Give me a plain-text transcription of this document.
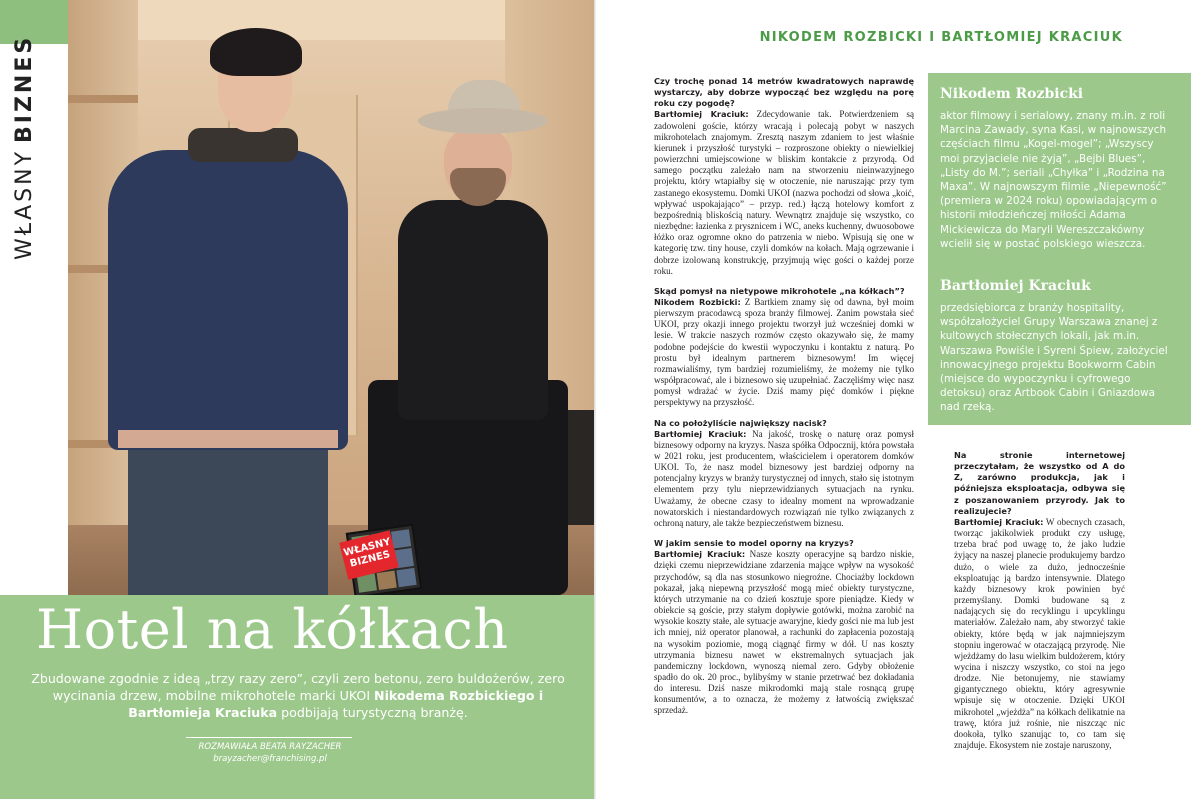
WŁASNYBIZNES
WŁASNY BIZNES
Hotel na kółkach
Zbudowane zgodnie z ideą „trzy razy zero”, czyli zero betonu, zero buldożerów, zero wycinania drzew, mobilne mikrohotele marki UKOI Nikodema Rozbickiego i Bartłomieja Kraciuka podbijają turystyczną branżę.
ROZMAWIAŁA BEATA RAYZACHER
brayzacher@franchising.pl
NIKODEM ROZBICKI I BARTŁOMIEJ KRACIUK

Czy trochę ponad 14 metrów kwadratowych naprawdę wystarczy, aby dobrze wypocząć bez względu na porę roku czy pogodę?
Bartłomiej Kraciuk: Zdecydowanie tak. Potwierdzeniem są zadowoleni goście, którzy wracają i polecają pobyt w naszych mikrohotelach znajomym. Zresztą naszym zdaniem to jest właśnie kierunek i przyszłość turystyki – rozproszone obiekty o niewielkiej powierzchni umiejscowione w bliskim kontakcie z przyrodą. Od samego początku zależało nam na stworzeniu nieinwazyjnego projektu, który wtapiałby się w otoczenie, nie naruszając przy tym zastanego ekosystemu. Domki UKOI (nazwa pochodzi od słowa „koić, wpływać uspokajająco” – przyp. red.) łączą hotelowy komfort z bezpośrednią bliskością natury. Wewnątrz znajduje się wszystko, co niezbędne: łazienka z prysznicem i WC, aneks kuchenny, dwuosobowe łóżko oraz ogromne okno do patrzenia w niebo. Wpisują się one w kategorię tzw. tiny house, czyli domków na kołach. Mają ogrzewanie i dobrze izolowaną konstrukcję, przyjmują więc gości o każdej porze roku.

Skąd pomysł na nietypowe mikrohotele „na kółkach”?
Nikodem Rozbicki: Z Bartkiem znamy się od dawna, był moim pierwszym pracodawcą spoza branży filmowej. Zanim powstała sieć UKOI, przy okazji innego projektu tworzył już wcześniej domki w lesie. W trakcie naszych rozmów często okazywało się, że mamy podobne podejście do kwestii wypoczynku i kontaktu z naturą. Po prostu był idealnym partnerem biznesowym! Im więcej rozmawialiśmy, tym bardziej rozumieliśmy, że możemy nie tylko współpracować, ale i biznesowo się uzupełniać. Zaczęliśmy więc nasz pomysł wdrażać w życie. Dziś mamy pięć domków i piękne perspektywy na przyszłość.

Na co położyliście największy nacisk?
Bartłomiej Kraciuk: Na jakość, troskę o naturę oraz pomysł biznesowy odporny na kryzys. Nasza spółka Odpocznij, która powstała w 2021 roku, jest producentem, właścicielem i operatorem domków UKOI. To, że nasz model biznesowy jest bardziej odporny na potencjalny kryzys w branży turystycznej od innych, stało się istotnym elementem przy tylu nieprzewidzianych sytuacjach na rynku. Uważamy, że obecne czasy to idealny moment na wprowadzanie nowatorskich i niestandardowych rozwiązań nie tylko związanych z ochroną natury, ale także bezpieczeństwem biznesu.

W jakim sensie to model oporny na kryzys?
Bartłomiej Kraciuk: Nasze koszty operacyjne są bardzo niskie, dzięki czemu nieprzewidziane zdarzenia mające wpływ na wysokość przychodów, są dla nas stosunkowo niegroźne. Chociażby lockdown pokazał, jaką niepewną przyszłość mogą mieć obiekty turystyczne, których utrzymanie na co dzień kosztuje spore pieniądze. Kiedy w obiekcie są goście, przy stałym dopływie gotówki, można zarobić na wysokie koszty stałe, ale sytuacje awaryjne, kiedy gości nie ma lub jest ich mniej, niż operator planował, a rachunki do zapłacenia pozostają na wysokim poziomie, mogą ciągnąć firmy w dół. U nas koszty utrzymania biznesu nawet w ekstremalnych sytuacjach jak pandemiczny lockdown, wynoszą niemal zero. Gdyby obłożenie spadło do ok. 20 proc., bylibyśmy w stanie przetrwać bez dokładania do interesu. Dziś nasze mikrodomki mają stale rosnącą grupę konsumentów, a to oznacza, że możemy z łatwością zwiększać sprzedaż.

Nikodem Rozbicki
aktor filmowy i serialowy, znany m.in. z roli Marcina Zawady, syna Kasi, w najnowszych częściach filmu „Kogel-mogel”; „Wszyscy moi przyjaciele nie żyją”, „Bejbi Blues”, „Listy do M.”; seriali „Chyłka” i „Rodzina na Maxa”. W najnowszym filmie „Niepewność” (premiera w 2024 roku) opowiadającym o historii młodzieńczej miłości Adama Mickiewicza do Maryli Wereszczakówny wcielił się w postać polskiego wieszcza.
Bartłomiej Kraciuk
przedsiębiorca z branży hospitality, współzałożyciel Grupy Warszawa znanej z kultowych stołecznych lokali, jak m.in. Warszawa Powiśle i Syreni Śpiew, założyciel innowacyjnego projektu Bookworm Cabin (miejsce do wypoczynku i cyfrowego detoksu) oraz Artbook Cabin i Gniazdowa nad rzeką.

Na stronie internetowej przeczytałam, że wszystko od A do Z, zarówno produkcja, jak i późniejsza eksploatacja, odbywa się z poszanowaniem przyrody. Jak to realizujecie?
Bartłomiej Kraciuk: W obecnych czasach, tworząc jakikolwiek produkt czy usługę, trzeba brać pod uwagę to, że jako ludzie żyjący na naszej planecie produkujemy bardzo dużo, o wiele za dużo, jednocześnie eksploatując ją bardzo intensywnie. Dlatego każdy biznesowy krok powinien być przemyślany. Domki budowane są z nadających się do recyklingu i upcyklingu materiałów. Zależało nam, aby stworzyć takie obiekty, które będą w jak najmniejszym stopniu ingerować w otaczającą przyrodę. Nie wjeżdżamy do lasu wielkim buldożerem, który wycina i niszczy wszystko, co stoi na jego drodze. Nie betonujemy, nie stawiamy gigantycznego obiektu, który agresywnie wpisuje się w otoczenie. Dzięki UKOI mikrohotel „wjeżdża” na kółkach delikatnie na trawę, która już rośnie, nie niszcząc nic dookoła, tylko szanując to, co tam się znajduje. Ekosystem nie zostaje naruszony,
